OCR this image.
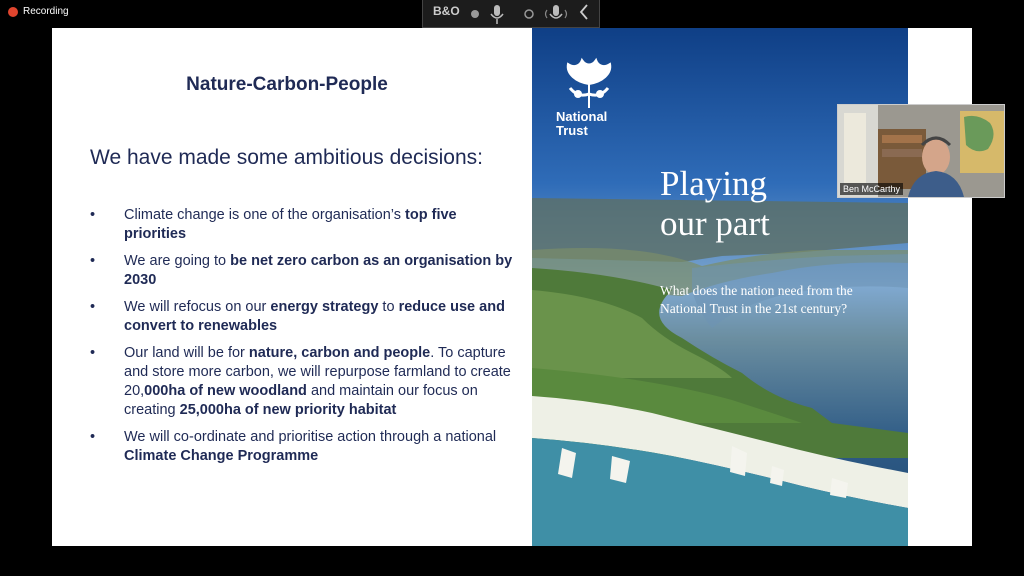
Recording	B&O
Nature-Carbon-People
We have made some ambitious decisions:
• Climate change is one of the organisation’s top five priorities
• We are going to be net zero carbon as an organisation by 2030
• We will refocus on our energy strategy to reduce use and convert to renewables
• Our land will be for nature, carbon and people. To capture and store more carbon, we will repurpose farmland to create 20,000ha of new woodland and maintain our focus on creating 25,000ha of new priority habitat
• We will co-ordinate and prioritise action through a national Climate Change Programme
National
Trust
Playing
our part
What does the nation need from the
National Trust in the 21st century?
Ben McCarthy
